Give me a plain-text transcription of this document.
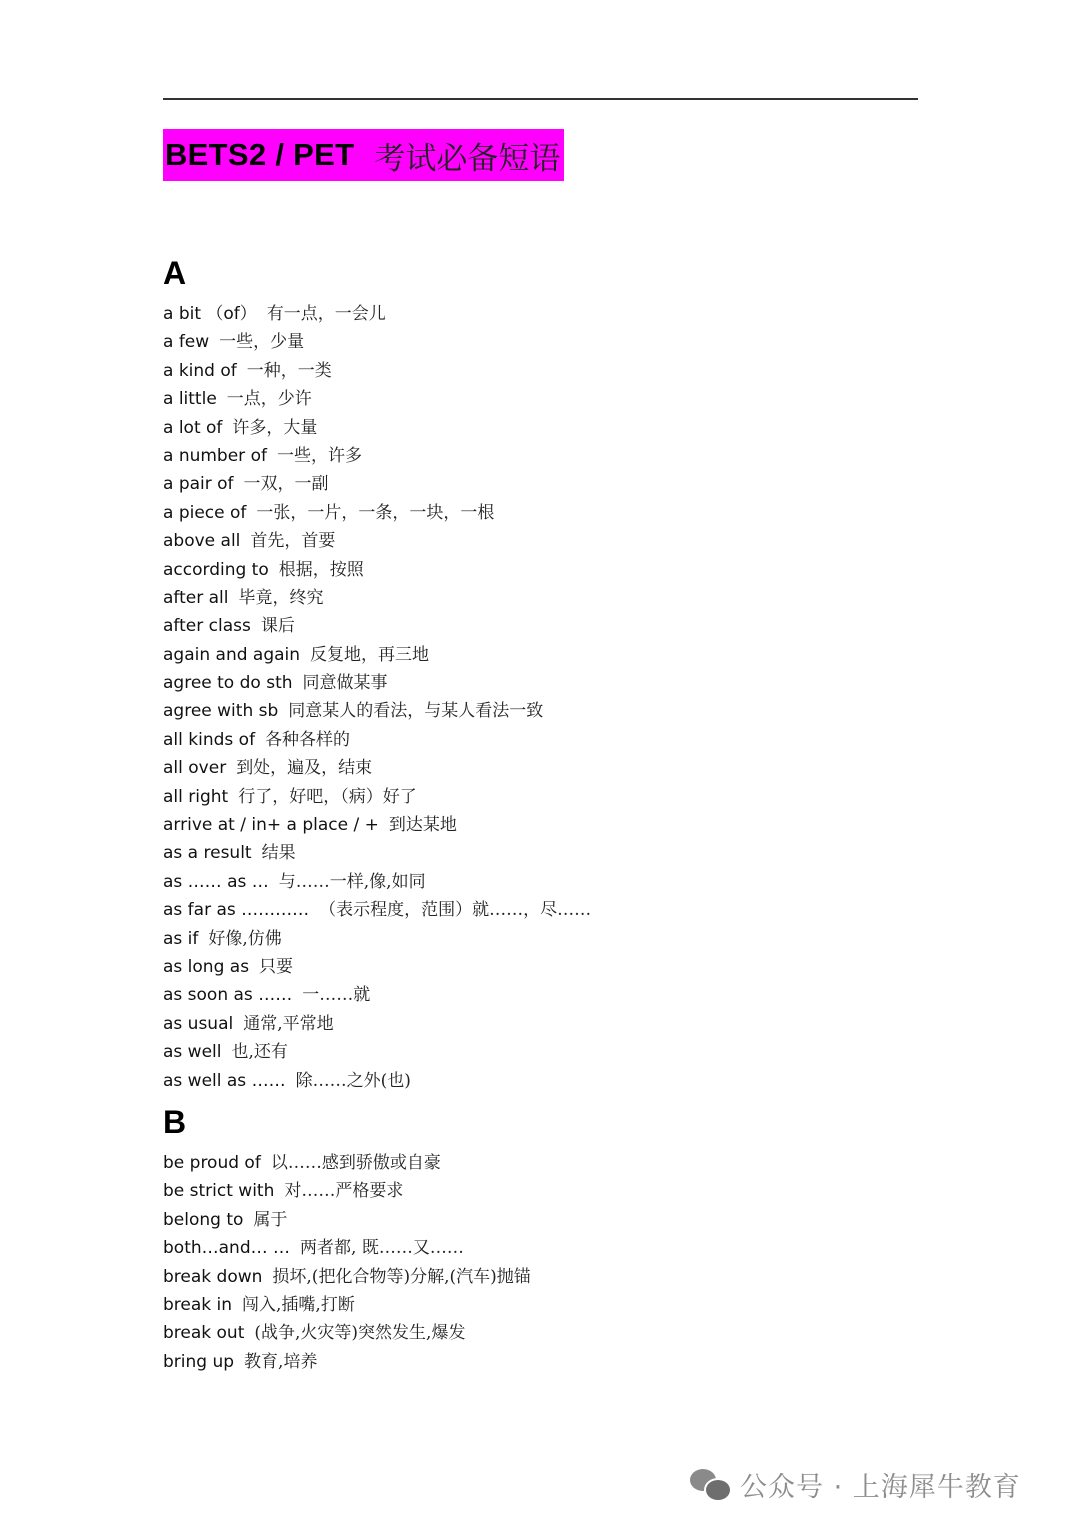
BETS2 / PET 考试必备短语
A
a bit （of） 有一点，一会儿
a few 一些，少量
a kind of 一种，一类
a little 一点，少许
a lot of 许多，大量
a number of 一些，许多
a pair of 一双，一副
a piece of 一张，一片，一条，一块，一根
above all 首先，首要
according to 根据，按照
after all 毕竟，终究
after class 课后
again and again 反复地，再三地
agree to do sth 同意做某事
agree with sb 同意某人的看法，与某人看法一致
all kinds of 各种各样的
all over 到处，遍及，结束
all right 行了，好吧，（病）好了
arrive at / in+ a place / + 到达某地
as a result 结果
as …… as … 与……一样,像,如同
as far as ………… （表示程度，范围）就……，尽……
as if 好像,仿佛
as long as 只要
as soon as …… 一……就
as usual 通常,平常地
as well 也,还有
as well as …… 除……之外(也)
B
be proud of 以……感到骄傲或自豪
be strict with 对……严格要求
belong to 属于
both…and… … 两者都, 既……又……
break down 损坏,(把化合物等)分解,(汽车)抛锚
break in 闯入,插嘴,打断
break out (战争,火灾等)突然发生,爆发
bring up 教育,培养
公众号 · 上海犀牛教育
